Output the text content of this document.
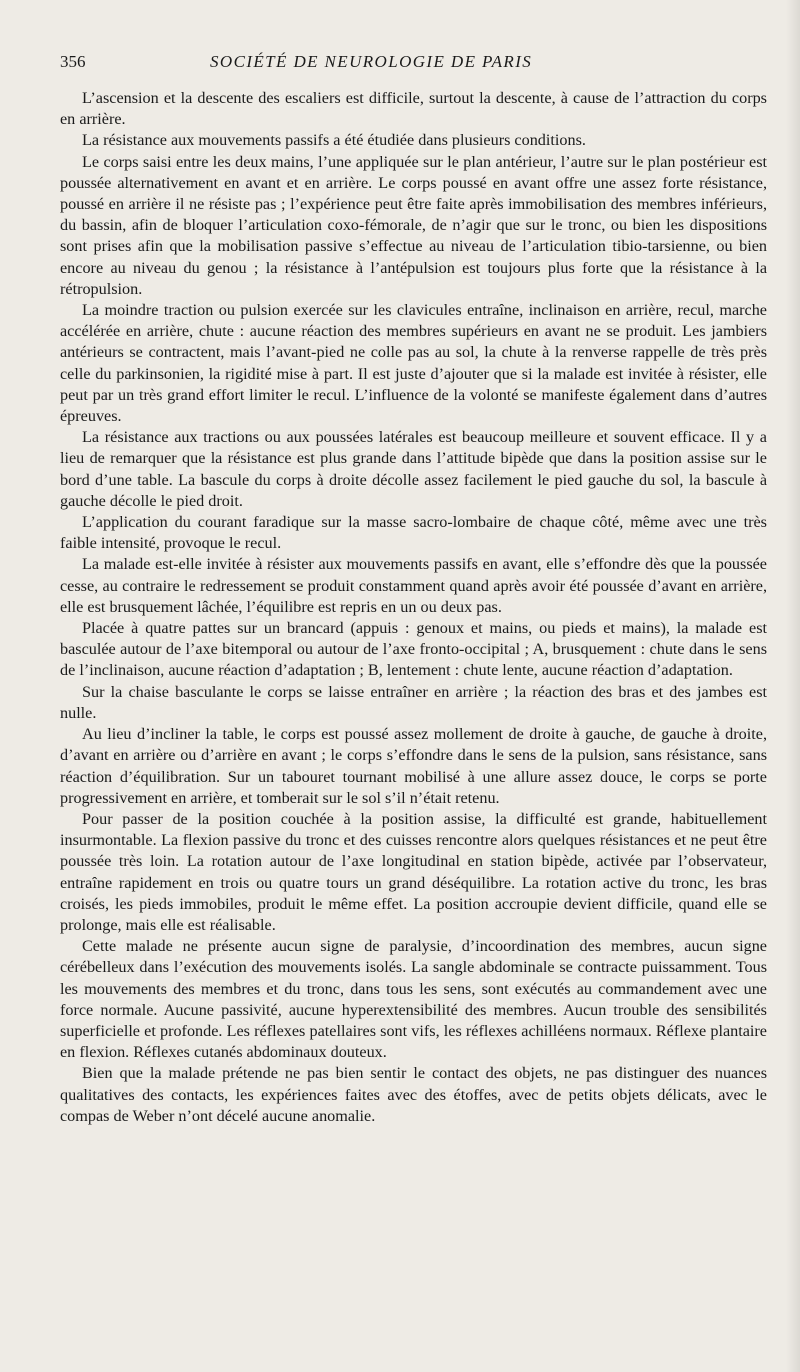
356	SOCIÉTÉ DE NEUROLOGIE DE PARIS

L’ascension et la descente des escaliers est difficile, surtout la descente, à cause de l’attraction du corps en arrière.

La résistance aux mouvements passifs a été étudiée dans plusieurs conditions.

Le corps saisi entre les deux mains, l’une appliquée sur le plan antérieur, l’autre sur le plan postérieur est poussée alternativement en avant et en arrière. Le corps poussé en avant offre une assez forte résistance, poussé en arrière il ne résiste pas ; l’expérience peut être faite après immobilisation des membres inférieurs, du bassin, afin de bloquer l’articulation coxo-fémorale, de n’agir que sur le tronc, ou bien les dispositions sont prises afin que la mobilisation passive s’effectue au niveau de l’articulation tibio-tarsienne, ou bien encore au niveau du genou ; la résistance à l’antépulsion est toujours plus forte que la résistance à la rétropulsion.

La moindre traction ou pulsion exercée sur les clavicules entraîne, inclinaison en arrière, recul, marche accélérée en arrière, chute : aucune réaction des membres supérieurs en avant ne se produit. Les jambiers antérieurs se contractent, mais l’avant-pied ne colle pas au sol, la chute à la renverse rappelle de très près celle du parkinsonien, la rigidité mise à part. Il est juste d’ajouter que si la malade est invitée à résister, elle peut par un très grand effort limiter le recul. L’influence de la volonté se manifeste également dans d’autres épreuves.

La résistance aux tractions ou aux poussées latérales est beaucoup meilleure et souvent efficace. Il y a lieu de remarquer que la résistance est plus grande dans l’attitude bipède que dans la position assise sur le bord d’une table. La bascule du corps à droite décolle assez facilement le pied gauche du sol, la bascule à gauche décolle le pied droit.

L’application du courant faradique sur la masse sacro-lombaire de chaque côté, même avec une très faible intensité, provoque le recul.

La malade est-elle invitée à résister aux mouvements passifs en avant, elle s’effondre dès que la poussée cesse, au contraire le redressement se produit constamment quand après avoir été poussée d’avant en arrière, elle est brusquement lâchée, l’équilibre est repris en un ou deux pas.

Placée à quatre pattes sur un brancard (appuis : genoux et mains, ou pieds et mains), la malade est basculée autour de l’axe bitemporal ou autour de l’axe fronto-occipital ; A, brusquement : chute dans le sens de l’inclinaison, aucune réaction d’adaptation ; B, lentement : chute lente, aucune réaction d’adaptation.

Sur la chaise basculante le corps se laisse entraîner en arrière ; la réaction des bras et des jambes est nulle.

Au lieu d’incliner la table, le corps est poussé assez mollement de droite à gauche, de gauche à droite, d’avant en arrière ou d’arrière en avant ; le corps s’effondre dans le sens de la pulsion, sans résistance, sans réaction d’équilibration. Sur un tabouret tournant mobilisé à une allure assez douce, le corps se porte progressivement en arrière, et tomberait sur le sol s’il n’était retenu.

Pour passer de la position couchée à la position assise, la difficulté est grande, habituellement insurmontable. La flexion passive du tronc et des cuisses rencontre alors quelques résistances et ne peut être poussée très loin. La rotation autour de l’axe longitudinal en station bipède, activée par l’observateur, entraîne rapidement en trois ou quatre tours un grand déséquilibre. La rotation active du tronc, les bras croisés, les pieds immobiles, produit le même effet. La position accroupie devient difficile, quand elle se prolonge, mais elle est réalisable.

Cette malade ne présente aucun signe de paralysie, d’incoordination des membres, aucun signe cérébelleux dans l’exécution des mouvements isolés. La sangle abdominale se contracte puissamment. Tous les mouvements des membres et du tronc, dans tous les sens, sont exécutés au commandement avec une force normale. Aucune passivité, aucune hyperextensibilité des membres. Aucun trouble des sensibilités superficielle et profonde. Les réflexes patellaires sont vifs, les réflexes achilléens normaux. Réflexe plantaire en flexion. Réflexes cutanés abdominaux douteux.

Bien que la malade prétende ne pas bien sentir le contact des objets, ne pas distinguer des nuances qualitatives des contacts, les expériences faites avec des étoffes, avec de petits objets délicats, avec le compas de Weber n’ont décelé aucune anomalie.
